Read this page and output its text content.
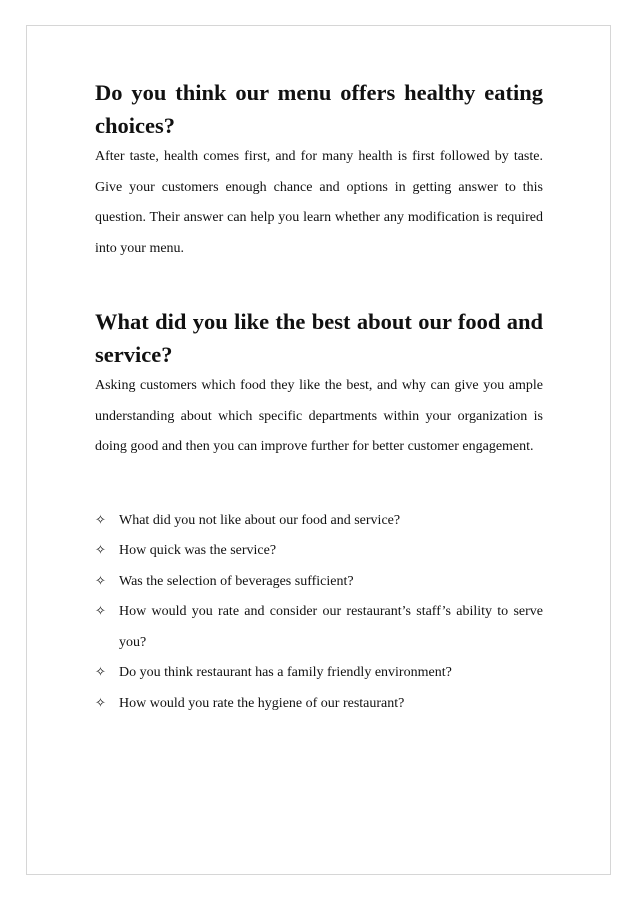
Do you think our menu offers healthy eating choices?

After taste, health comes first, and for many health is first followed by taste. Give your customers enough chance and options in getting answer to this question. Their answer can help you learn whether any modification is required into your menu.

What did you like the best about our food and service?

Asking customers which food they like the best, and why can give you ample understanding about which specific departments within your organization is doing good and then you can improve further for better customer engagement.

✧ What did you not like about our food and service?
✧ How quick was the service?
✧ Was the selection of beverages sufficient?
✧ How would you rate and consider our restaurant’s staff’s ability to serve you?
✧ Do you think restaurant has a family friendly environment?
✧ How would you rate the hygiene of our restaurant?
